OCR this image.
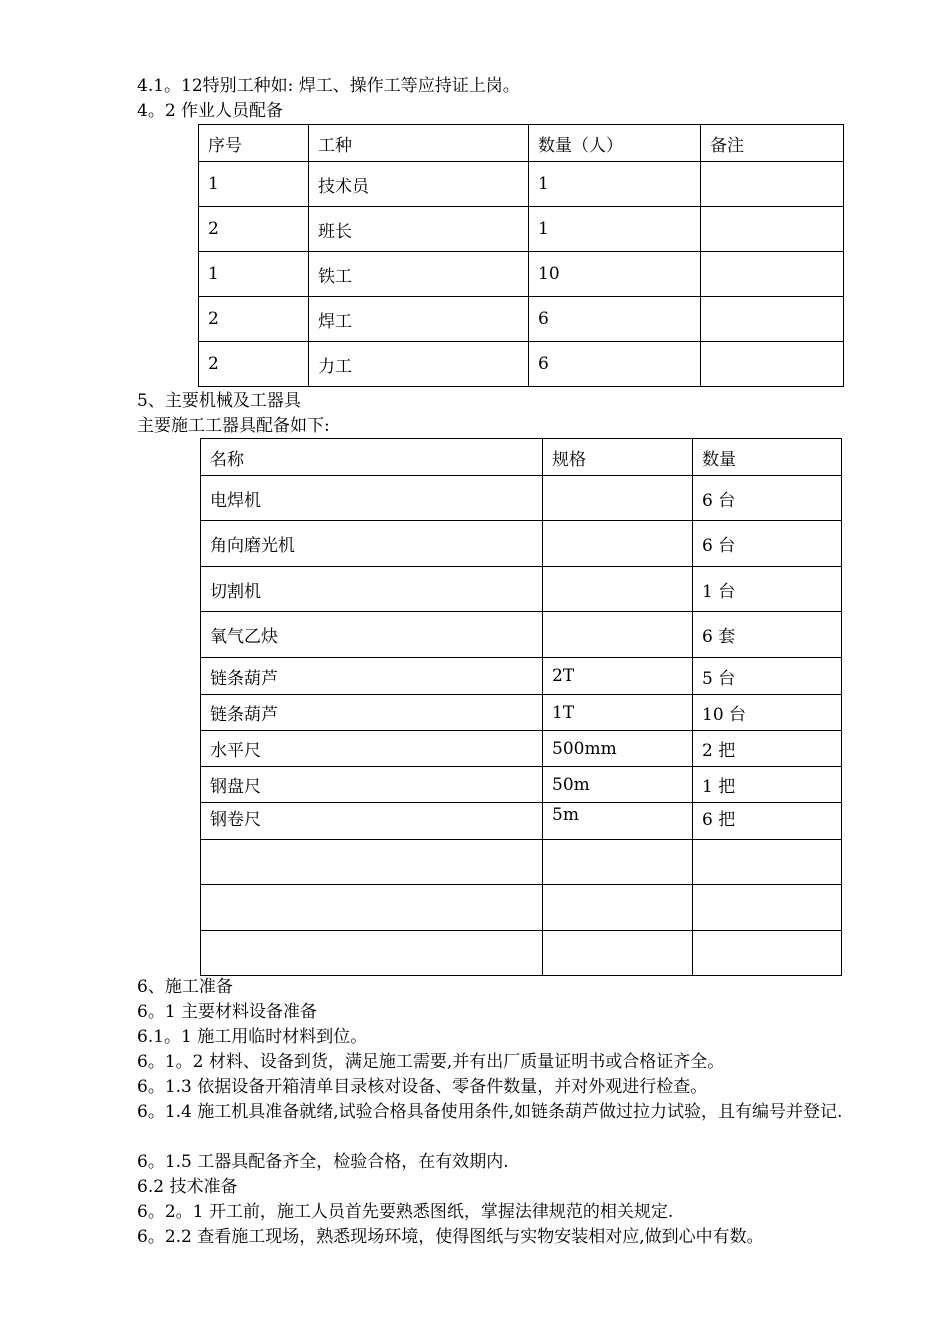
4.1。12特别工种如: 焊工、操作工等应持证上岗。
4。2 作业人员配备
序号	工种	数量（人）	备注
1	技术员	1	
2	班长	1	
1	铁工	10	
2	焊工	6	
2	力工	6	
5、主要机械及工器具
主要施工工器具配备如下:
名称	规格	数量
电焊机		6 台
角向磨光机		6 台
切割机		1 台
氧气乙炔		6 套
链条葫芦	2T	5 台
链条葫芦	1T	10 台
水平尺	500mm	2 把
钢盘尺	50m	1 把
钢卷尺	5m	6 把

6、施工准备
6。1 主要材料设备准备
6.1。1 施工用临时材料到位。
6。1。2 材料、设备到货，满足施工需要,并有出厂质量证明书或合格证齐全。
6。1.3 依据设备开箱清单目录核对设备、零备件数量，并对外观进行检查。
6。1.4 施工机具准备就绪,试验合格具备使用条件,如链条葫芦做过拉力试验，且有编号并登记.
6。1.5 工器具配备齐全，检验合格，在有效期内.
6.2 技术准备
6。2。1 开工前，施工人员首先要熟悉图纸，掌握法律规范的相关规定.
6。2.2 查看施工现场，熟悉现场环境，使得图纸与实物安装相对应,做到心中有数。
